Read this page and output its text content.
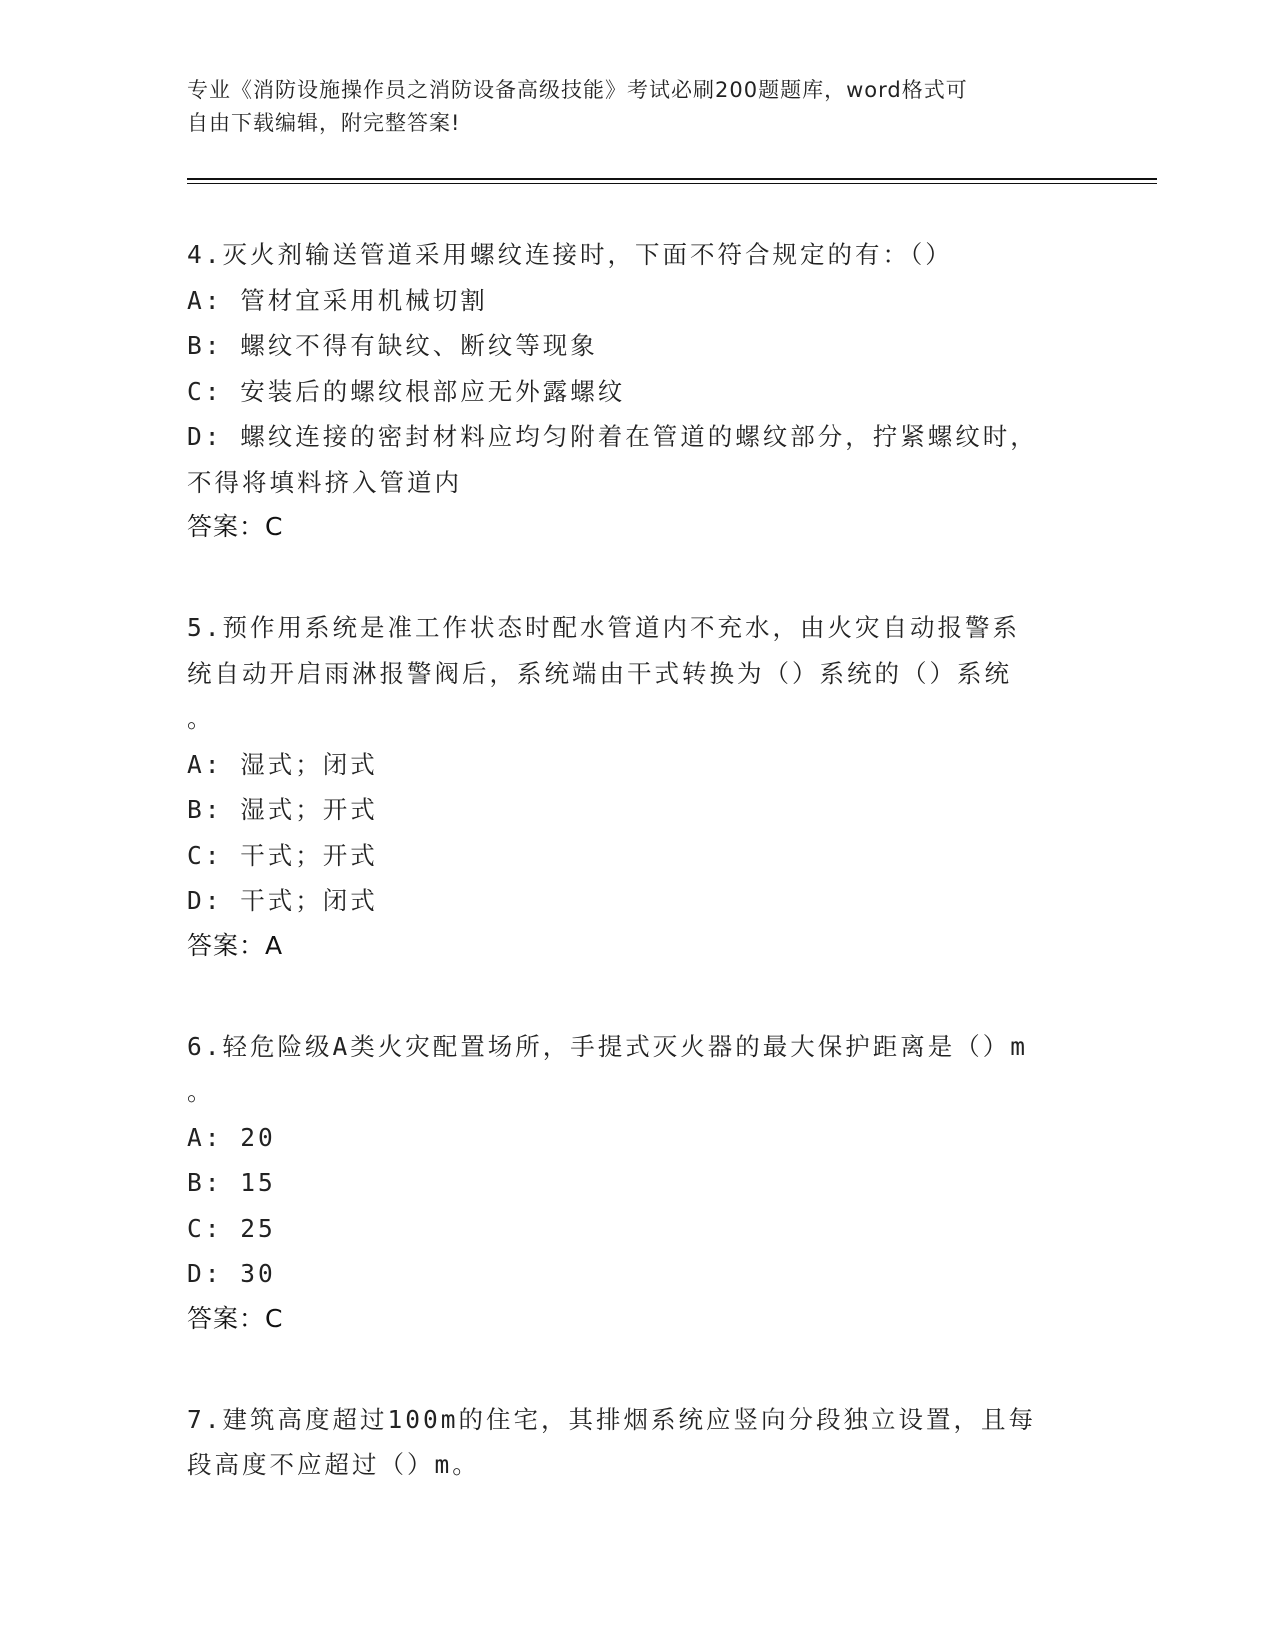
专业《消防设施操作员之消防设备高级技能》考试必刷200题题库，word格式可
自由下载编辑，附完整答案!
4.灭火剂输送管道采用螺纹连接时，下面不符合规定的有：（）
A: 管材宜采用机械切割
B: 螺纹不得有缺纹、断纹等现象
C: 安装后的螺纹根部应无外露螺纹
D: 螺纹连接的密封材料应均匀附着在管道的螺纹部分，拧紧螺纹时，
不得将填料挤入管道内
答案：C
5.预作用系统是准工作状态时配水管道内不充水，由火灾自动报警系
统自动开启雨淋报警阀后，系统端由干式转换为（）系统的（）系统
。
A: 湿式；闭式
B: 湿式；开式
C: 干式；开式
D: 干式；闭式
答案：A
6.轻危险级A类火灾配置场所，手提式灭火器的最大保护距离是（）m
。
A: 20
B: 15
C: 25
D: 30
答案：C
7.建筑高度超过100m的住宅，其排烟系统应竖向分段独立设置，且每
段高度不应超过（）m。
